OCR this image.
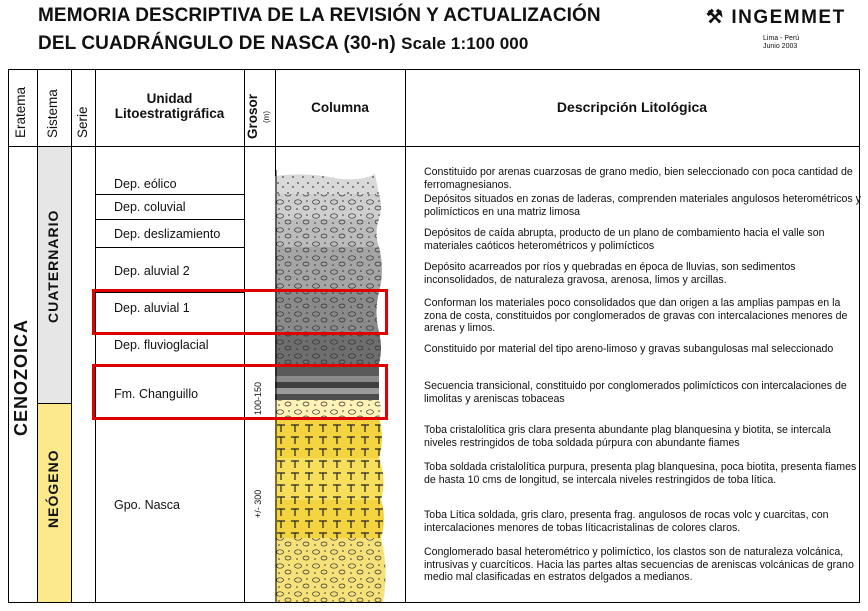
MEMORIA DESCRIPTIVA DE LA REVISIÓN Y ACTUALIZACIÓN
DEL CUADRÁNGULO DE NASCA (30-n) Scale 1:100 000
⚒ INGEMMET
Lima - Perú
Junio 2003
Eratema Sistema Serie
Unidad
Litoestratigráfica	Grosor (m)
Columna	Descripción Litológica
CENOZOICA
CUATERNARIO
NEÓGENO
Dep. eólico
Dep. coluvial
Dep. deslizamiento
Dep. aluvial 2
Dep. aluvial 1
Dep. fluvioglacial
Fm. Changuillo
Gpo. Nasca
100-150
+/- 300
Constituido por arenas cuarzosas de grano medio, bien seleccionado con poca cantidad de ferromagnesianos.
Depósitos situados en zonas de laderas, comprenden materiales angulosos heterométricos y polimícticos en una matriz limosa
Depósitos de caída abrupta, producto de un plano de combamiento hacia el valle son materiales caóticos heterométricos y polimícticos
Depósito acarreados por ríos y quebradas en época de lluvias, son sedimentos inconsolidados, de naturaleza gravosa, arenosa, limos y arcillas.
Conforman los materiales poco consolidados que dan origen a las amplias pampas en la zona de costa, constituidos por conglomerados de gravas con intercalaciones menores de arenas y limos.
Constituido por material del tipo areno-limoso y gravas subangulosas mal seleccionado
Secuencia transicional, constituido por conglomerados polimícticos con intercalaciones de limolitas y areniscas tobaceas
Toba cristalolítica gris clara presenta abundante plag blanquesina y biotita, se intercala niveles restringidos de toba soldada púrpura con abundante fiames
Toba soldada cristalolítica purpura, presenta plag blanquesina, poca biotita, presenta fiames de hasta 10 cms de longitud, se intercala niveles restringidos de toba lítica.
Toba Lítica soldada, gris claro, presenta frag. angulosos de rocas volc y cuarcitas, con intercalaciones menores de tobas líticacristalinas de colores claros.
Conglomerado basal heterométrico y polimíctico, los clastos son de naturaleza volcánica, intrusivas y cuarcíticos. Hacia las partes altas secuencias de areniscas volcánicas de grano medio mal clasificadas en estratos delgados a medianos.
